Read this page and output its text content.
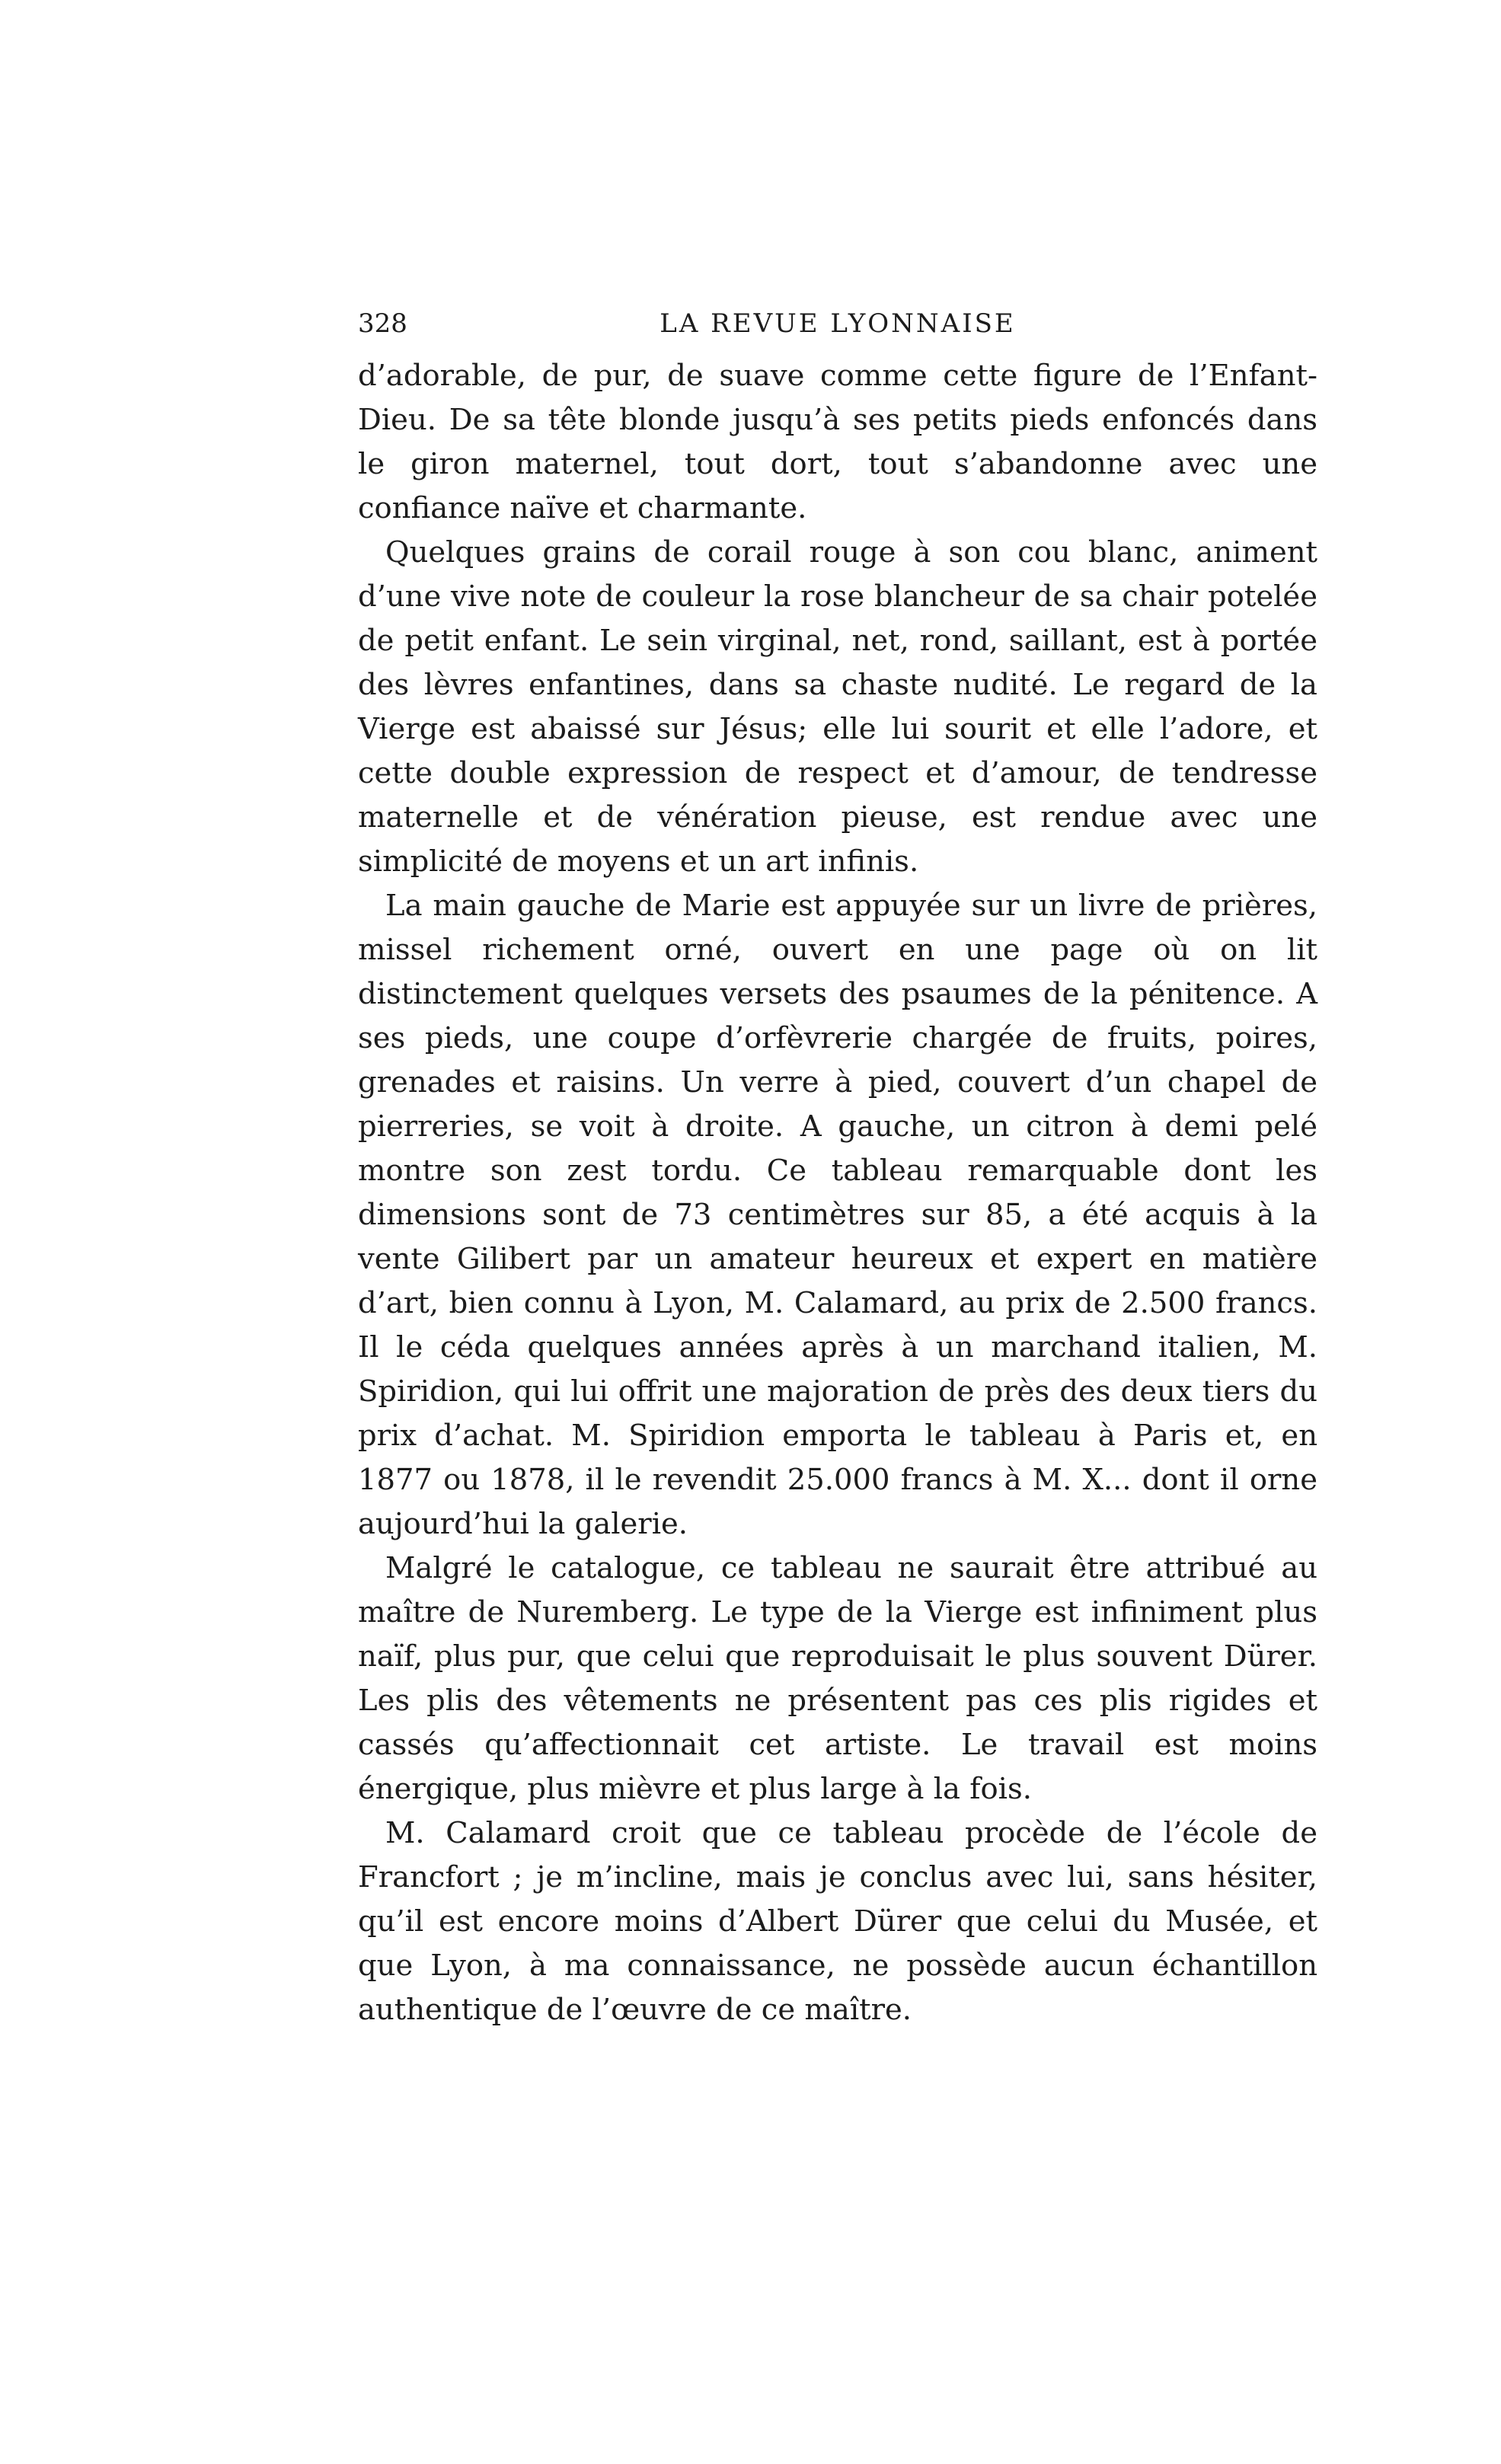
328	LA REVUE LYONNAISE

d’adorable, de pur, de suave comme cette figure de l’Enfant-Dieu. De sa tête blonde jusqu’à ses petits pieds enfoncés dans le giron maternel, tout dort, tout s’abandonne avec une confiance naïve et charmante.

Quelques grains de corail rouge à son cou blanc, animent d’une vive note de couleur la rose blancheur de sa chair potelée de petit enfant. Le sein virginal, net, rond, saillant, est à portée des lèvres enfantines, dans sa chaste nudité. Le regard de la Vierge est abaissé sur Jésus; elle lui sourit et elle l’adore, et cette double expression de respect et d’amour, de tendresse maternelle et de vénération pieuse, est rendue avec une simplicité de moyens et un art infinis.

La main gauche de Marie est appuyée sur un livre de prières, missel richement orné, ouvert en une page où on lit distinctement quelques versets des psaumes de la pénitence. A ses pieds, une coupe d’orfèvrerie chargée de fruits, poires, grenades et raisins. Un verre à pied, couvert d’un chapel de pierreries, se voit à droite. A gauche, un citron à demi pelé montre son zest tordu. Ce tableau remarquable dont les dimensions sont de 73 centimètres sur 85, a été acquis à la vente Gilibert par un amateur heureux et expert en matière d’art, bien connu à Lyon, M. Calamard, au prix de 2.500 francs. Il le céda quelques années après à un marchand italien, M. Spiridion, qui lui offrit une majoration de près des deux tiers du prix d’achat. M. Spiridion emporta le tableau à Paris et, en 1877 ou 1878, il le revendit 25.000 francs à M. X... dont il orne aujourd’hui la galerie.

Malgré le catalogue, ce tableau ne saurait être attribué au maître de Nuremberg. Le type de la Vierge est infiniment plus naïf, plus pur, que celui que reproduisait le plus souvent Dürer. Les plis des vêtements ne présentent pas ces plis rigides et cassés qu’affectionnait cet artiste. Le travail est moins énergique, plus mièvre et plus large à la fois.

M. Calamard croit que ce tableau procède de l’école de Francfort ; je m’incline, mais je conclus avec lui, sans hésiter, qu’il est encore moins d’Albert Dürer que celui du Musée, et que Lyon, à ma connaissance, ne possède aucun échantillon authentique de l’œuvre de ce maître.
